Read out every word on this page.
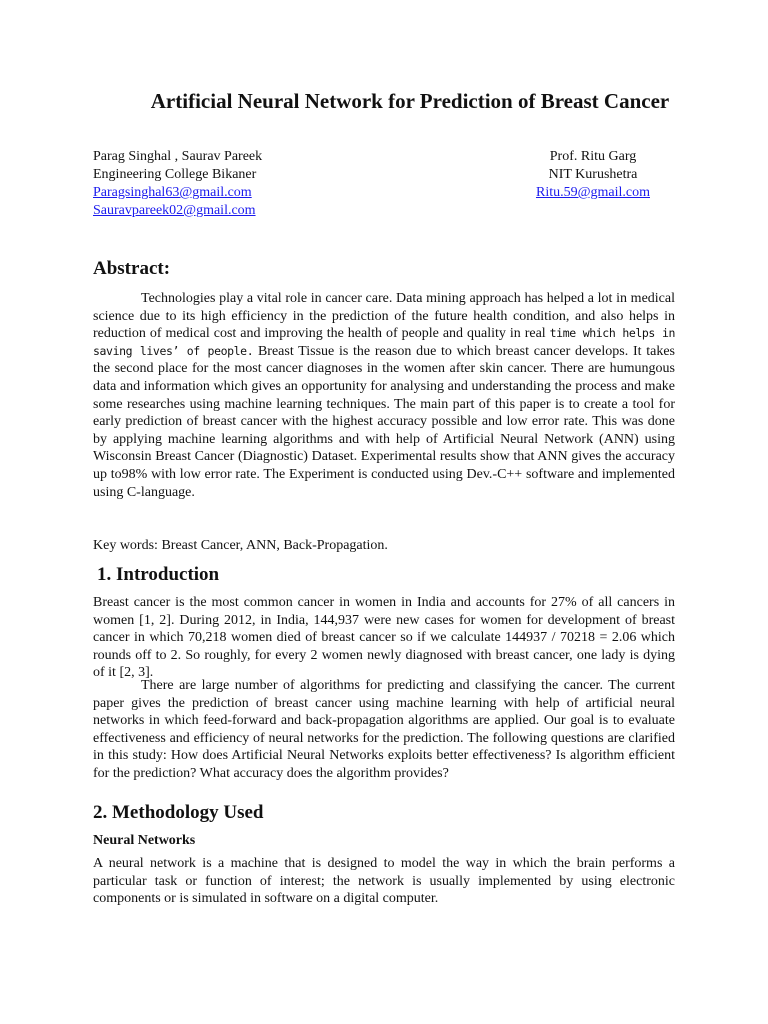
Artificial Neural Network for Prediction of Breast Cancer
Parag Singhal , Saurav Pareek
Engineering College Bikaner
Paragsinghal63@gmail.com
Sauravpareek02@gmail.com
Prof. Ritu Garg
NIT Kurushetra
Ritu.59@gmail.com
Abstract:

Technologies play a vital role in cancer care. Data mining approach has helped a lot in medical science due to its high efficiency in the prediction of the future health condition, and also helps in reduction of medical cost and improving the health of people and quality in real time which helps in saving lives’ of people. Breast Tissue is the reason due to which breast cancer develops. It takes the second place for the most cancer diagnoses in the women after skin cancer. There are humungous data and information which gives an opportunity for analysing and understanding the process and make some researches using machine learning techniques. The main part of this paper is to create a tool for early prediction of breast cancer with the highest accuracy possible and low error rate. This was done by applying machine learning algorithms and with help of Artificial Neural Network (ANN) using Wisconsin Breast Cancer (Diagnostic) Dataset. Experimental results show that ANN gives the accuracy up to98% with low error rate. The Experiment is conducted using Dev.-C++ software and implemented using C-language.

Key words: Breast Cancer, ANN, Back-Propagation.

1. Introduction

Breast cancer is the most common cancer in women in India and accounts for 27% of all cancers in women [1, 2]. During 2012, in India, 144,937 were new cases for women for development of breast cancer in which 70,218 women died of breast cancer so if we calculate 144937 / 70218 = 2.06 which rounds off to 2. So roughly, for every 2 women newly diagnosed with breast cancer, one lady is dying of it [2, 3].

There are large number of algorithms for predicting and classifying the cancer. The current paper gives the prediction of breast cancer using machine learning with help of artificial neural networks in which feed-forward and back-propagation algorithms are applied. Our goal is to evaluate effectiveness and efficiency of neural networks for the prediction. The following questions are clarified in this study: How does Artificial Neural Networks exploits better effectiveness? Is algorithm efficient for the prediction? What accuracy does the algorithm provides?

2. Methodology Used
Neural Networks

A neural network is a machine that is designed to model the way in which the brain performs a particular task or function of interest; the network is usually implemented by using electronic components or is simulated in software on a digital computer.
